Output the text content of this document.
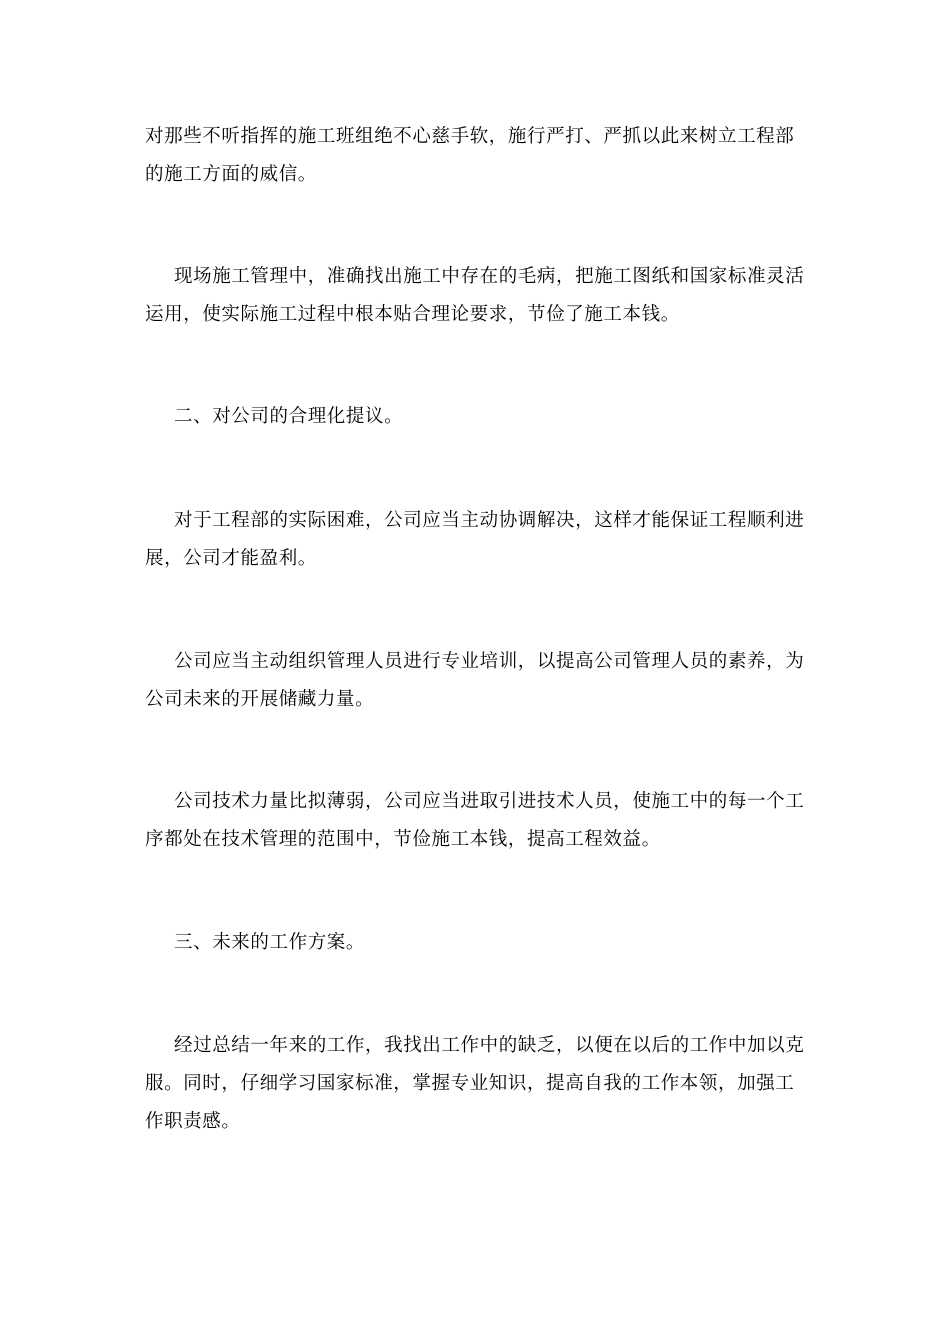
对那些不听指挥的施工班组绝不心慈手软，施行严打、严抓以此来树立工程部
的施工方面的威信。

现场施工管理中，准确找出施工中存在的毛病，把施工图纸和国家标准灵活
运用，使实际施工过程中根本贴合理论要求，节俭了施工本钱。

二、对公司的合理化提议。

对于工程部的实际困难，公司应当主动协调解决，这样才能保证工程顺利进
展，公司才能盈利。

公司应当主动组织管理人员进行专业培训，以提高公司管理人员的素养，为
公司未来的开展储藏力量。

公司技术力量比拟薄弱，公司应当进取引进技术人员，使施工中的每一个工
序都处在技术管理的范围中，节俭施工本钱，提高工程效益。

三、未来的工作方案。

经过总结一年来的工作，我找出工作中的缺乏，以便在以后的工作中加以克
服。同时，仔细学习国家标准，掌握专业知识，提高自我的工作本领，加强工
作职责感。
